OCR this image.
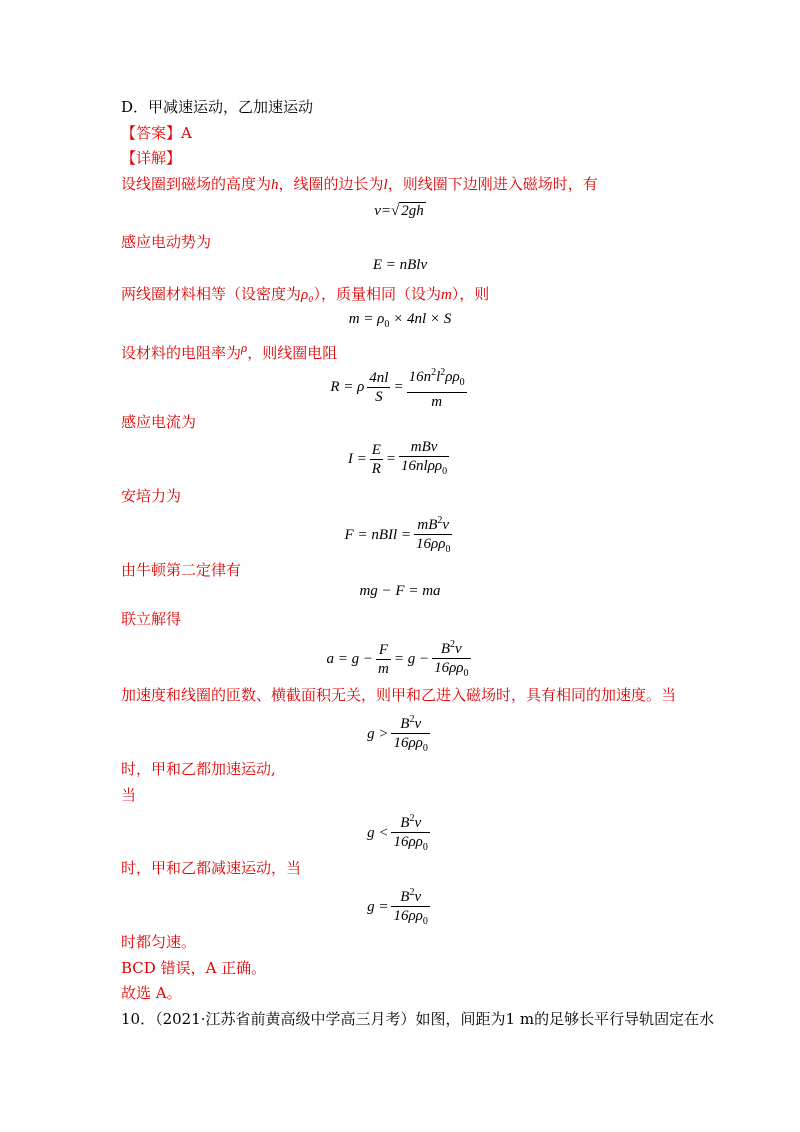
D．甲减速运动，乙加速运动
【答案】A
【详解】
设线圈到磁场的高度为h，线圈的边长为l，则线圈下边刚进入磁场时，有
v=√ 2gh
感应电动势为
E = nBlv
两线圈材料相等（设密度为ρ₀），质量相同（设为m），则
$m = \rho_0 \times 4nl \times S$
设材料的电阻率为ρ，则线圈电阻
R = ρ $\frac{4nl}{S} = \frac{16n^2l^2\rho\rho_0}{m}$
感应电流为
$I = \frac{E}{R} = \frac{\text{mBv}}{16nl\rho\rho_0}$
安培力为
F = nBIl = $\frac{mB^2v}{16\rho\rho_0}$
由牛顿第二定律有
mg − F = ma
联立解得
$a = g - \frac{F}{m} = g - \frac{B^2v}{16\rho\rho_0}$
加速度和线圈的匝数、横截面积无关，则甲和乙进入磁场时，具有相同的加速度。当
$g > \frac{B^2v}{16\rho\rho_0}$
时，甲和乙都加速运动,
当
$g < \frac{B^2v}{16\rho\rho_0}$
时，甲和乙都减速运动，当
$g = \frac{B^2v}{16\rho\rho_0}$
时都匀速。
BCD 错误，A 正确。
故选 A。
10．（2021·江苏省前黄高级中学高三月考）如图，间距为1 m的足够长平行导轨固定在水
